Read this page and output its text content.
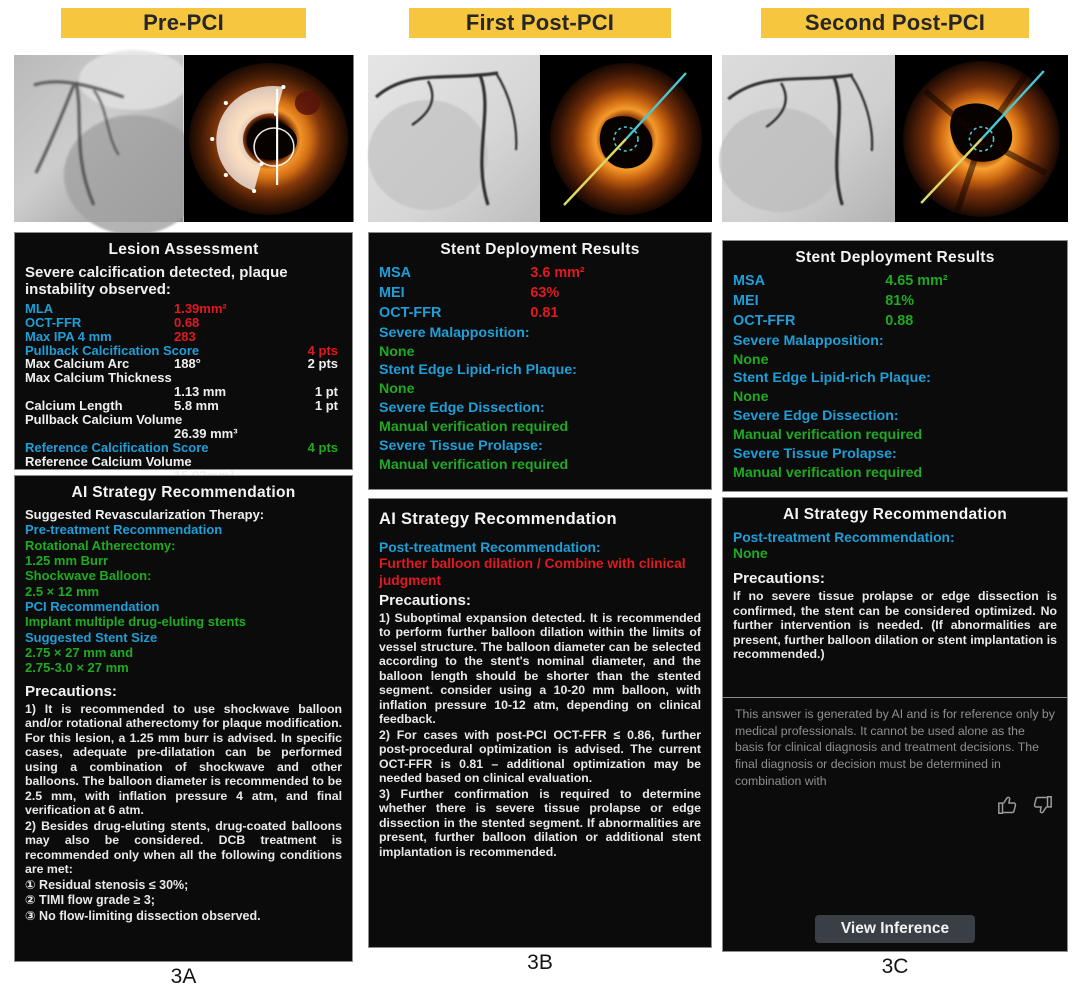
Pre-PCI
Lesion Assessment
Severe calcification detected, plaque instability observed:
MLA	1.39mm²
OCT-FFR	0.68
Max IPA 4 mm	283
Pullback Calcification Score	4 pts
Max Calcium Arc	188°	2 pts
Max Calcium Thickness
1.13 mm	1 pt
Calcium Length	5.8 mm	1 pt
Pullback Calcium Volume
26.39 mm³
Reference Calcification Score	4 pts
Reference Calcium Volume
AI Strategy Recommendation
Suggested Revascularization Therapy:
Pre-treatment Recommendation
Rotational Atherectomy:
1.25 mm Burr
Shockwave Balloon:
2.5 × 12 mm
PCI Recommendation
Implant multiple drug-eluting stents
Suggested Stent Size
2.75 × 27 mm and
2.75-3.0 × 27 mm
Precautions:

1) It is recommended to use shockwave balloon and/or rotational atherectomy for plaque modification. For this lesion, a 1.25 mm burr is advised. In specific cases, adequate pre-dilatation can be performed using a combination of shockwave and other balloons. The balloon diameter is recommended to be 2.5 mm, with inflation pressure 4 atm, and final verification at 6 atm.

2) Besides drug-eluting stents, drug-coated balloons may also be considered. DCB treatment is recommended only when all the following conditions are met:

① Residual stenosis ≤ 30%;
② TIMI flow grade ≥ 3;
③ No flow-limiting dissection observed.
3A
First Post-PCI
Stent Deployment Results
MSA	3.6 mm²
MEI	63%
OCT-FFR	0.81
Severe Malapposition:
None
Stent Edge Lipid-rich Plaque:
None
Severe Edge Dissection:
Manual verification required
Severe Tissue Prolapse:
Manual verification required
AI Strategy Recommendation
Post-treatment Recommendation:
Further balloon dilation / Combine with clinical judgment
Precautions:

1) Suboptimal expansion detected. It is recommended to perform further balloon dilation within the limits of vessel structure. The balloon diameter can be selected according to the stent's nominal diameter, and the balloon length should be shorter than the stented segment. consider using a 10-20 mm balloon, with inflation pressure 10-12 atm, depending on clinical feedback.

2) For cases with post-PCI OCT-FFR ≤ 0.86, further post-procedural optimization is advised. The current OCT-FFR is 0.81 – additional optimization may be needed based on clinical evaluation.

3) Further confirmation is required to determine whether there is severe tissue prolapse or edge dissection in the stented segment. If abnormalities are present, further balloon dilation or additional stent implantation is recommended.

3B
Second Post-PCI
Stent Deployment Results
MSA	4.65 mm²
MEI	81%
OCT-FFR	0.88
Severe Malapposition:
None
Stent Edge Lipid-rich Plaque:
None
Severe Edge Dissection:
Manual verification required
Severe Tissue Prolapse:
Manual verification required
AI Strategy Recommendation
Post-treatment Recommendation:
None
Precautions:

If no severe tissue prolapse or edge dissection is confirmed, the stent can be considered optimized. No further intervention is needed. (If abnormalities are present, further balloon dilation or stent implantation is recommended.)

This answer is generated by AI and is for reference only by medical professionals. It cannot be used alone as the basis for clinical diagnosis and treatment decisions. The final diagnosis or decision must be determined in combination with
View Inference
3C
